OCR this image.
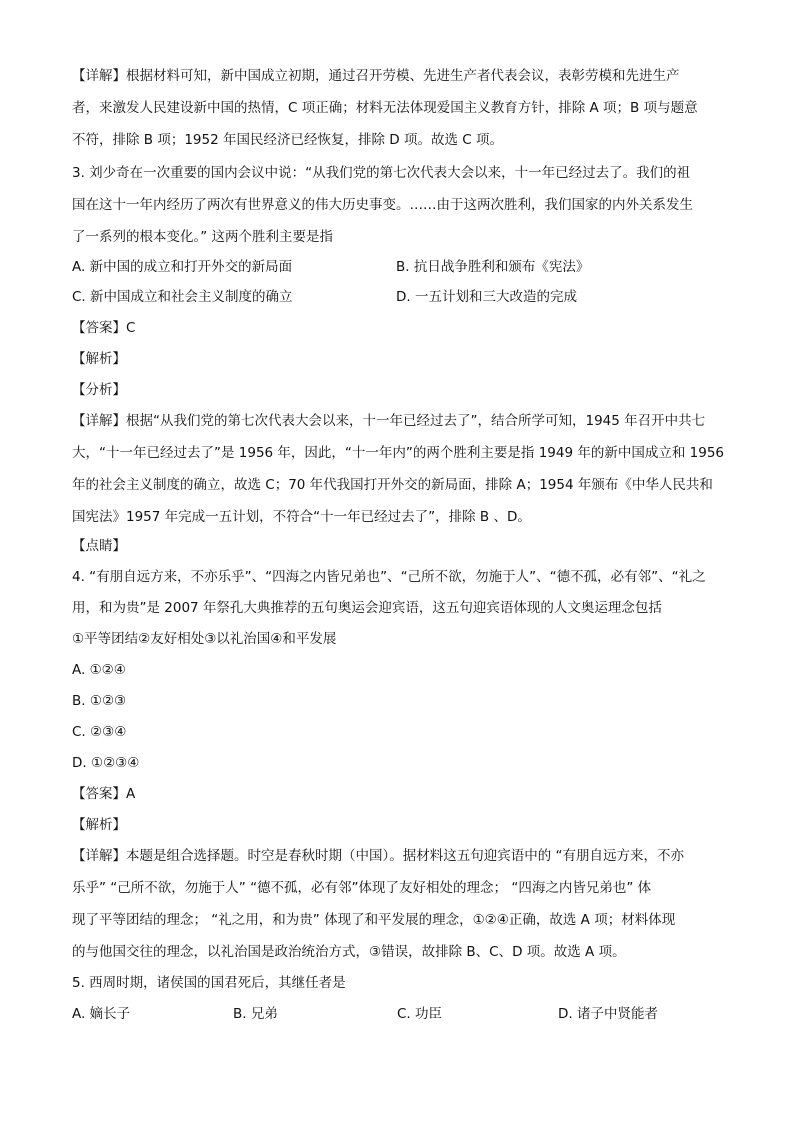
【详解】根据材料可知，新中国成立初期，通过召开劳模、先进生产者代表会议，表彰劳模和先进生产
者，来激发人民建设新中国的热情，C 项正确；材料无法体现爱国主义教育方针，排除 A 项；B 项与题意
不符，排除 B 项；1952 年国民经济已经恢复，排除 D 项。故选 C 项。
3. 刘少奇在一次重要的国内会议中说：“从我们党的第七次代表大会以来，十一年已经过去了。我们的祖
国在这十一年内经历了两次有世界意义的伟大历史事变。……由于这两次胜利，我们国家的内外关系发生
了一系列的根本变化。” 这两个胜利主要是指
A. 新中国的成立和打开外交的新局面	B. 抗日战争胜利和颁布《宪法》
C. 新中国成立和社会主义制度的确立	D. 一五计划和三大改造的完成
【答案】C
【解析】
【分析】
【详解】根据“从我们党的第七次代表大会以来，十一年已经过去了”，结合所学可知，1945 年召开中共七
大，“十一年已经过去了”是 1956 年，因此，“十一年内”的两个胜利主要是指 1949 年的新中国成立和 1956
年的社会主义制度的确立，故选 C；70 年代我国打开外交的新局面，排除 A；1954 年颁布《中华人民共和
国宪法》1957 年完成一五计划，不符合“十一年已经过去了”，排除 B 、D。
【点睛】
4. “有朋自远方来，不亦乐乎”、“四海之内皆兄弟也”、“己所不欲，勿施于人”、“德不孤，必有邻”、“礼之
用，和为贵”是 2007 年祭孔大典推荐的五句奥运会迎宾语，这五句迎宾语体现的人文奥运理念包括
①平等团结②友好相处③以礼治国④和平发展
A. ①②④
B. ①②③
C. ②③④
D. ①②③④
【答案】A
【解析】
【详解】本题是组合选择题。时空是春秋时期（中国）。据材料这五句迎宾语中的 “有朋自远方来，不亦
乐乎” “己所不欲，勿施于人” “德不孤，必有邻”体现了友好相处的理念； “四海之内皆兄弟也” 体
现了平等团结的理念； “礼之用，和为贵” 体现了和平发展的理念，①②④正确，故选 A 项；材料体现
的与他国交往的理念，以礼治国是政治统治方式，③错误，故排除 B、C、D 项。故选 A 项。
5. 西周时期，诸侯国的国君死后，其继任者是
A. 嫡长子	B. 兄弟	C. 功臣	D. 诸子中贤能者
